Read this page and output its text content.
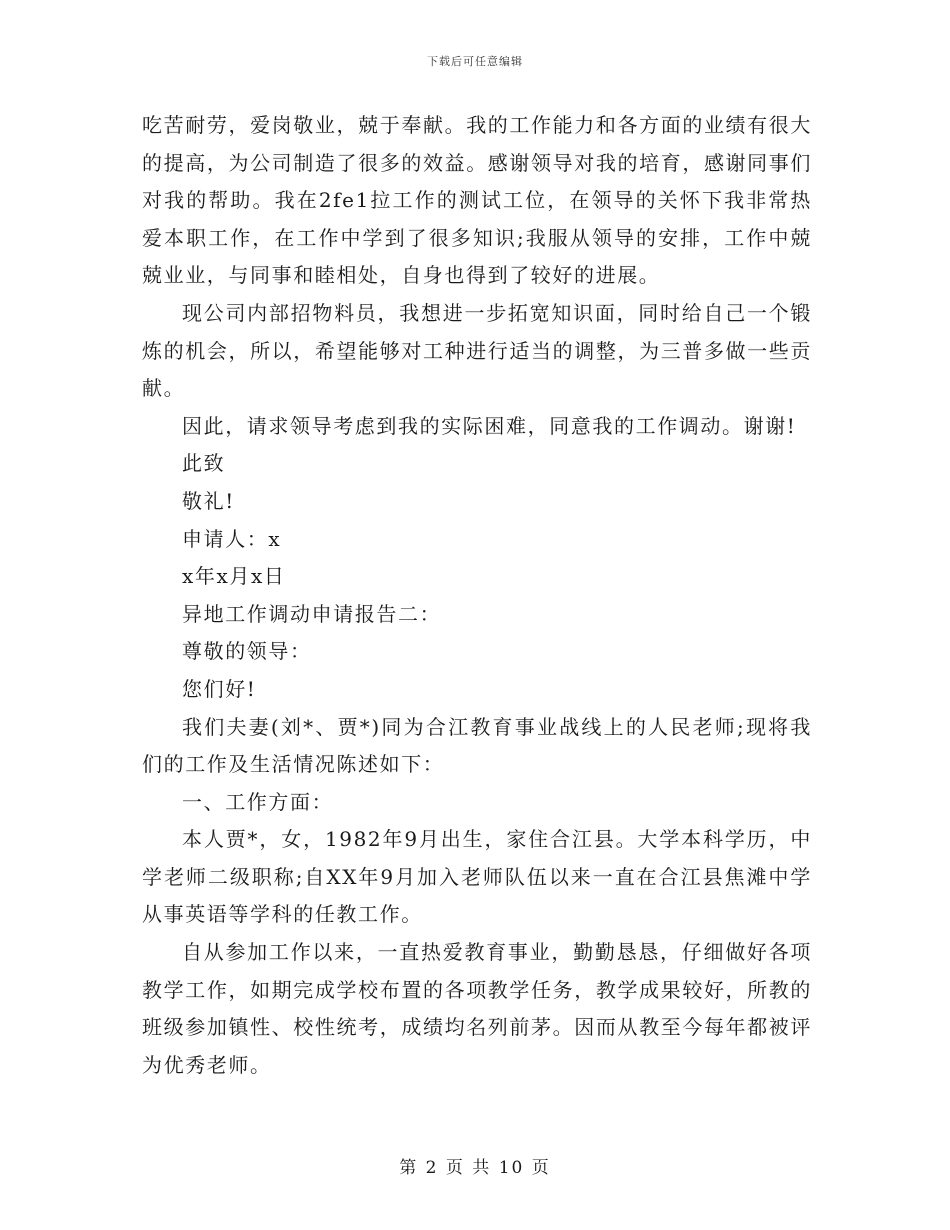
下载后可任意编辑

吃苦耐劳，爱岗敬业，兢于奉献。我的工作能力和各方面的业绩有很大的提高，为公司制造了很多的效益。感谢领导对我的培育，感谢同事们对我的帮助。我在2fe1拉工作的测试工位，在领导的关怀下我非常热爱本职工作，在工作中学到了很多知识;我服从领导的安排，工作中兢兢业业，与同事和睦相处，自身也得到了较好的进展。

现公司内部招物料员，我想进一步拓宽知识面，同时给自己一个锻炼的机会，所以，希望能够对工种进行适当的调整，为三普多做一些贡献。

因此，请求领导考虑到我的实际困难，同意我的工作调动。谢谢!

此致

敬礼!

申请人：x

x年x月x日

异地工作调动申请报告二：

尊敬的领导：

您们好!

我们夫妻(刘*、贾*)同为合江教育事业战线上的人民老师;现将我们的工作及生活情况陈述如下：

一、工作方面：

本人贾*，女，1982年9月出生，家住合江县。大学本科学历，中学老师二级职称;自XX年9月加入老师队伍以来一直在合江县焦滩中学从事英语等学科的任教工作。

自从参加工作以来，一直热爱教育事业，勤勤恳恳，仔细做好各项教学工作，如期完成学校布置的各项教学任务，教学成果较好，所教的班级参加镇性、校性统考，成绩均名列前茅。因而从教至今每年都被评为优秀老师。

第 2 页 共 10 页
